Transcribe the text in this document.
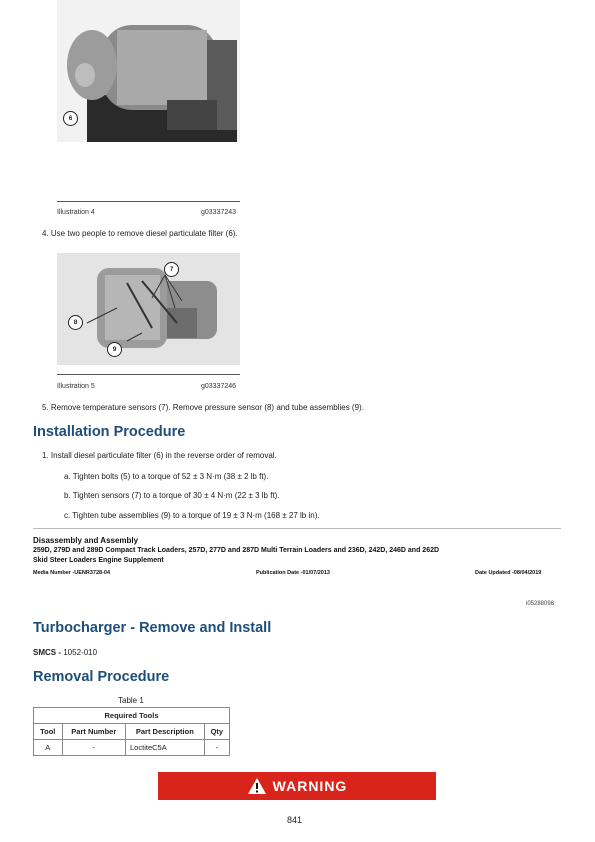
6
Illustration 4	g03337243
4. Use two people to remove diesel particulate filter (6).
7
8
9
Illustration 5	g03337246
5. Remove temperature sensors (7). Remove pressure sensor (8) and tube assemblies (9).
Installation Procedure
1. Install diesel particulate filter (6) in the reverse order of removal.
a. Tighten bolts (5) to a torque of 52 ± 3 N·m (38 ± 2 lb ft).
b. Tighten sensors (7) to a torque of 30 ± 4 N·m (22 ± 3 lb ft).
c. Tighten tube assemblies (9) to a torque of 19 ± 3 N·m (168 ± 27 lb in).
Disassembly and Assembly
259D, 279D and 289D Compact Track Loaders, 257D, 277D and 287D Multi Terrain Loaders and 236D, 242D, 246D and 262D
Skid Steer Loaders Engine Supplement
Media Number -UENR3728-04	Publication Date -01/07/2013	Date Updated -08/04/2019
i05288098
Turbocharger - Remove and Install
SMCS - 1052-010
Removal Procedure
Table 1
Required Tools			
Tool	Part Number	Part Description	Qty
A	-	LoctiteC5A	-
WARNING
841
